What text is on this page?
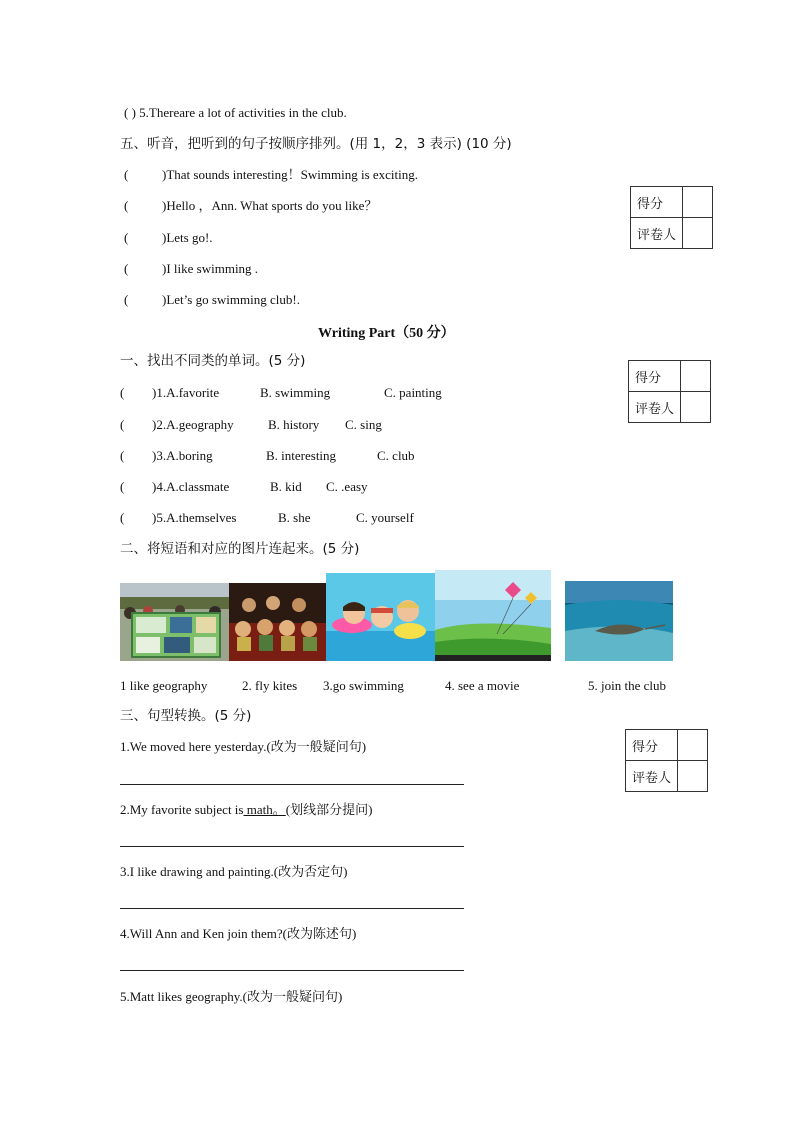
( ) 5.Thereare a lot of activities in the club.
五、听音，把听到的句子按顺序排列。(用 1，2，3 表示) (10 分)
(	)That sounds interesting！Swimming is exciting.
(	)Hello ，Ann. What sports do you like？
(	)Lets go!.
(	)I like swimming .
(	)Let’s go swimming club!.
得分	
评卷人	
Writing Part（50 分）
一、找出不同类的单词。(5 分)
( )1.A.favorite	B. swimming	C. painting
( )2.A.geography	B. history C. sing
( )3.A.boring	B. interesting	C. club
( )4.A.classmate	B. kid C. .easy
( )5.A.themselves	B. she	C. yourself
得分	
评卷人	
二、将短语和对应的图片连起来。(5 分)
1 like geography	2. fly kites 3.go swimming	4. see a movie	5. join the club
三、句型转换。(5 分)
1.We moved here yesterday.(改为一般疑问句)
2.My favorite subject is math。(划线部分提问)
3.I like drawing and painting.(改为否定句)
4.Will Ann and Ken join them?(改为陈述句)
5.Matt likes geography.(改为一般疑问句)
得分	
评卷人	
